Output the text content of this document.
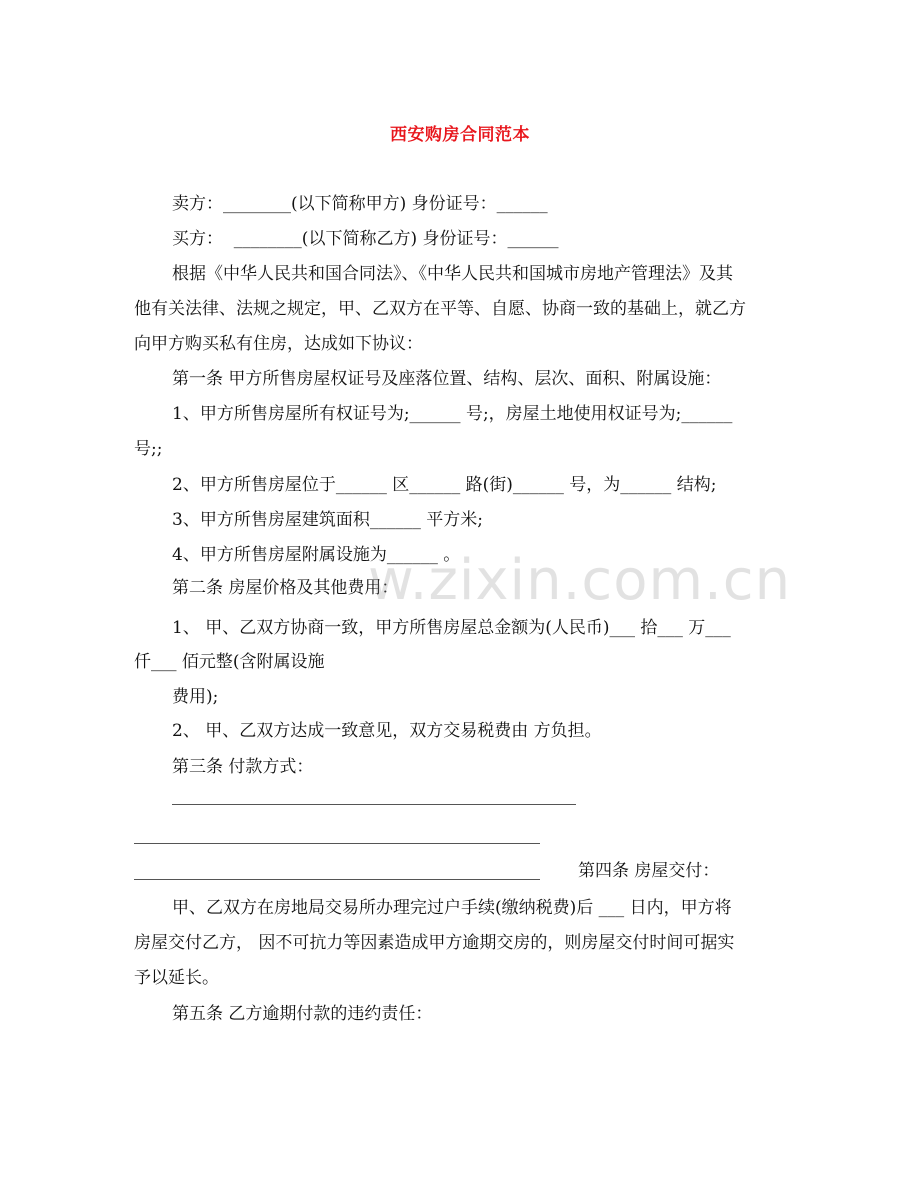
西安购房合同范本
卖方：________(以下简称甲方) 身份证号：______
买方：  ________(以下简称乙方) 身份证号：______
根据《中华人民共和国合同法》、《中华人民共和国城市房地产管理法》及其
他有关法律、法规之规定，甲、乙双方在平等、自愿、协商一致的基础上，就乙方
向甲方购买私有住房，达成如下协议：
第一条 甲方所售房屋权证号及座落位置、结构、层次、面积、附属设施：
1、甲方所售房屋所有权证号为;______ 号;，房屋土地使用权证号为;______
号;;
2、甲方所售房屋位于______ 区______ 路(街)______ 号，为______ 结构;
3、甲方所售房屋建筑面积______ 平方米;
4、甲方所售房屋附属设施为______ 。
第二条 房屋价格及其他费用：
1、 甲、乙双方协商一致，甲方所售房屋总金额为(人民币)___ 拾___ 万___
仟___ 佰元整(含附属设施
费用);
2、 甲、乙双方达成一致意见，双方交易税费由 方负担。
第三条 付款方式：
第四条 房屋交付：
甲、乙双方在房地局交易所办理完过户手续(缴纳税费)后 ___ 日内，甲方将
房屋交付乙方， 因不可抗力等因素造成甲方逾期交房的，则房屋交付时间可据实
予以延长。
第五条 乙方逾期付款的违约责任：
w.zixin.com.cn
